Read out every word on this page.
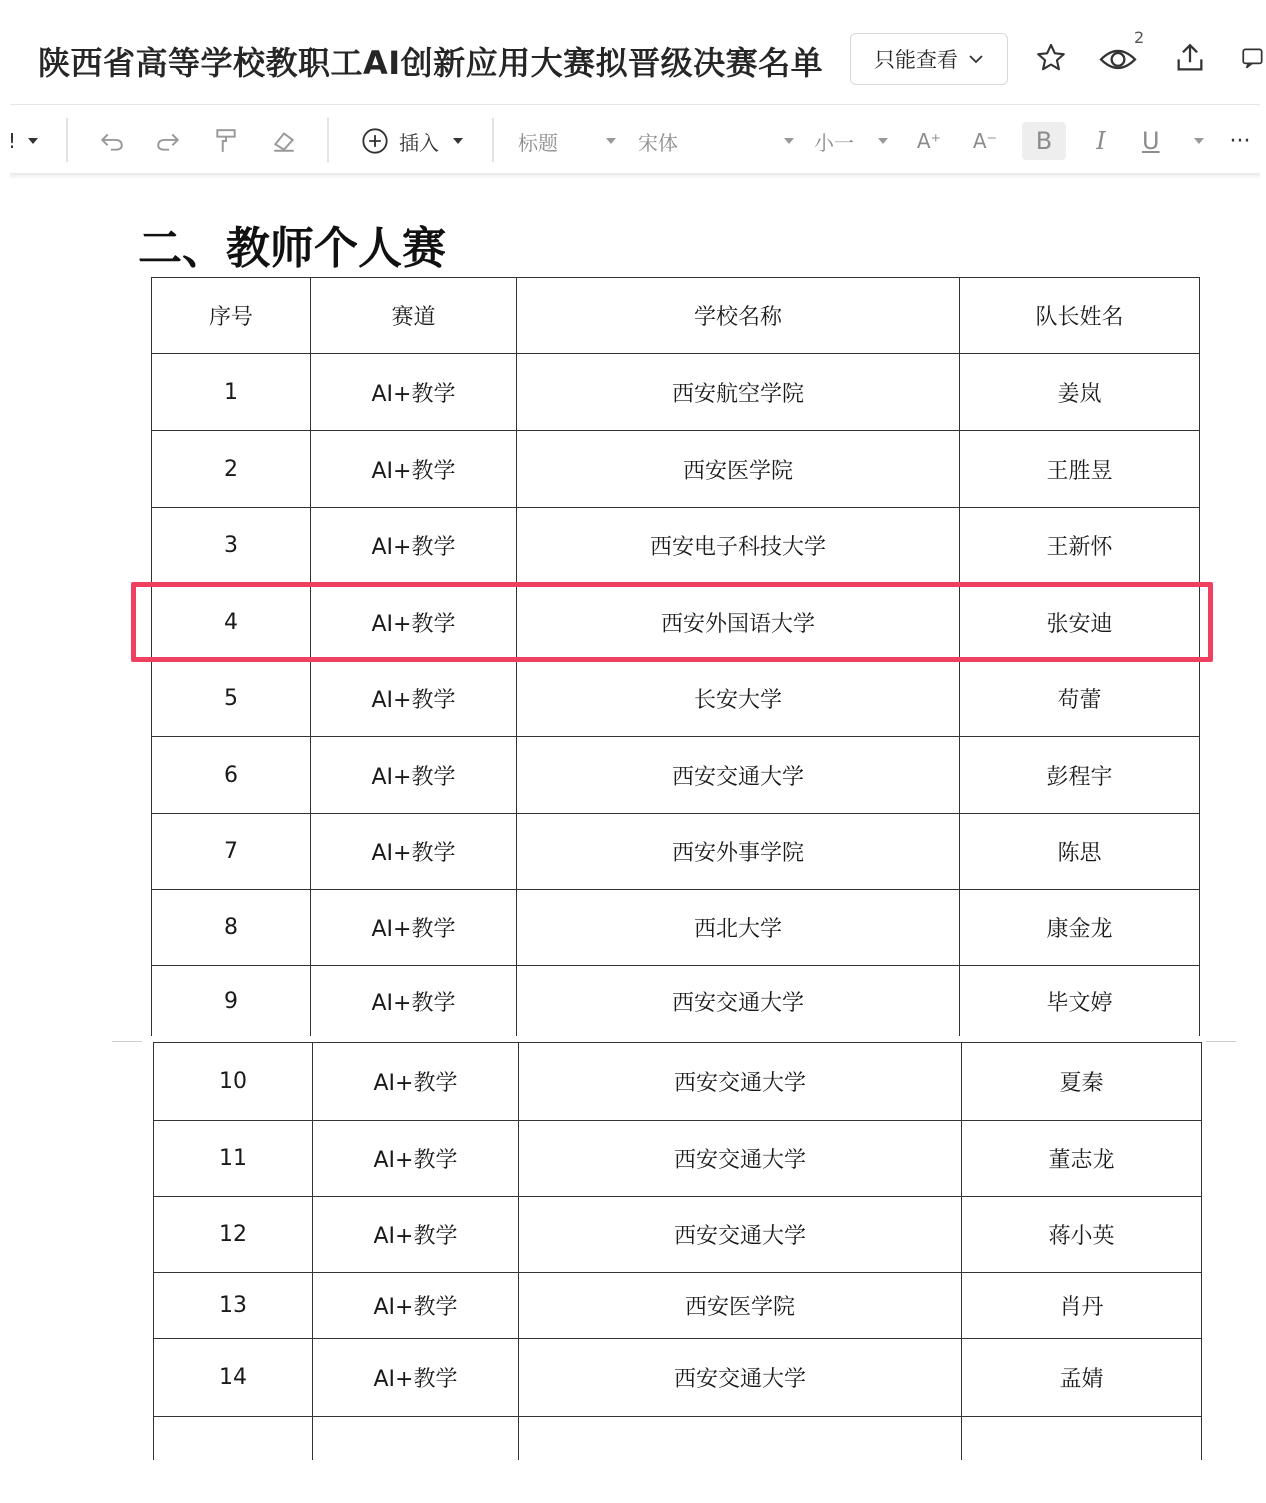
陕西省高等学校教职工AI创新应用大赛拟晋级决赛名单 只能查看
2
!	插入	标题	宋体	小一	A⁺	A⁻	B	I	U	···
二、教师个人赛
序号	赛道	学校名称	队长姓名
1	AI+教学	西安航空学院	姜岚
2	AI+教学	西安医学院	王胜昱
3	AI+教学	西安电子科技大学	王新怀
4	AI+教学	西安外国语大学	张安迪
5	AI+教学	长安大学	苟蕾
6	AI+教学	西安交通大学	彭程宇
7	AI+教学	西安外事学院	陈思
8	AI+教学	西北大学	康金龙
9	AI+教学	西安交通大学	毕文婷
10	AI+教学	西安交通大学	夏秦
11	AI+教学	西安交通大学	董志龙
12	AI+教学	西安交通大学	蒋小英
13	AI+教学	西安医学院	肖丹
14	AI+教学	西安交通大学	孟婧
